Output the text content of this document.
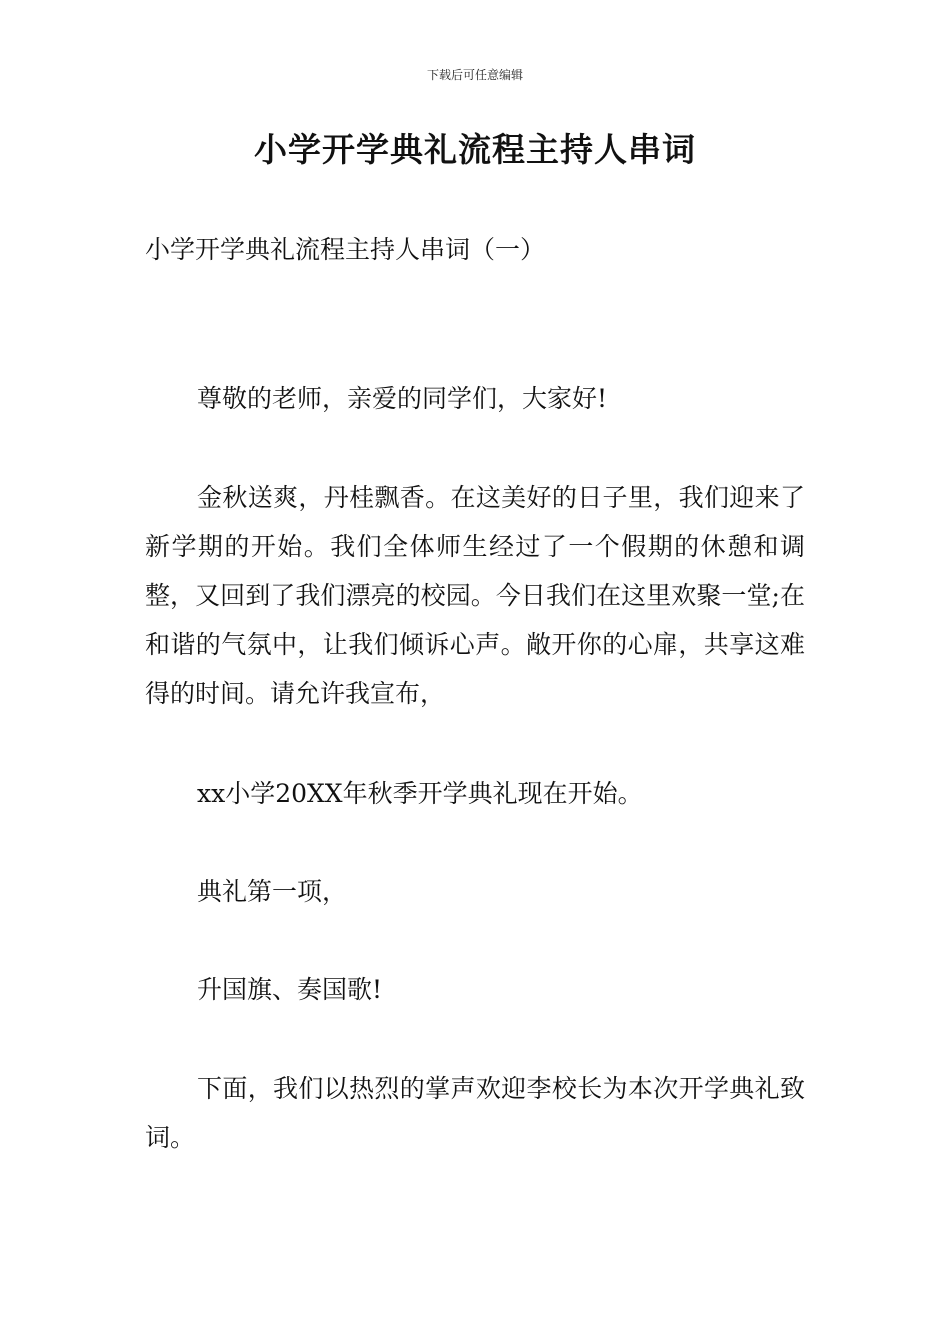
下载后可任意编辑
小学开学典礼流程主持人串词

小学开学典礼流程主持人串词（一）

尊敬的老师，亲爱的同学们，大家好!

金秋送爽，丹桂飘香。在这美好的日子里，我们迎来了新学期的开始。我们全体师生经过了一个假期的休憩和调整，又回到了我们漂亮的校园。今日我们在这里欢聚一堂;在和谐的气氛中，让我们倾诉心声。敞开你的心扉，共享这难得的时间。请允许我宣布，

xx小学20XX年秋季开学典礼现在开始。

典礼第一项，

升国旗、奏国歌!

下面，我们以热烈的掌声欢迎李校长为本次开学典礼致词。
